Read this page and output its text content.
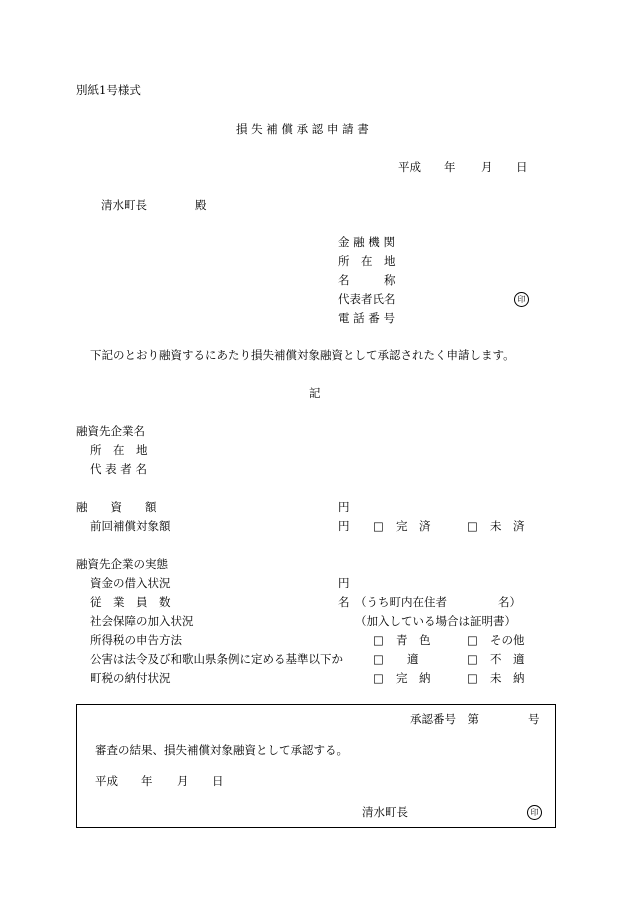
別紙1号様式
損 失 補 償 承 認 申 請 書
平成 年 月 日
清水町長	殿
金 融 機 関
所　在　地
名　　　称
代表者氏名	印
電 話 番 号
下記のとおり融資するにあたり損失補償対象融資として承認されたく申請します。
記
融資先企業名
所　在　地
代 表 者 名
融　　資　　額	円
前回補償対象額	円 □ 完　済	□ 未　済
融資先企業の実態
資金の借入状況	円
従　業　員　数	名 （うち町内在住者	名）
社会保障の加入状況	（加入している場合は証明書）
所得税の申告方法	□ 青　色	□ その他
公害は法令及び和歌山県条例に定める基準以下か	□ 適	□ 不　適
町税の納付状況	□ 完　納	□ 未　納
承認番号　第	号
審査の結果、損失補償対象融資として承認する。
平成 年 月 日
清水町長	印
